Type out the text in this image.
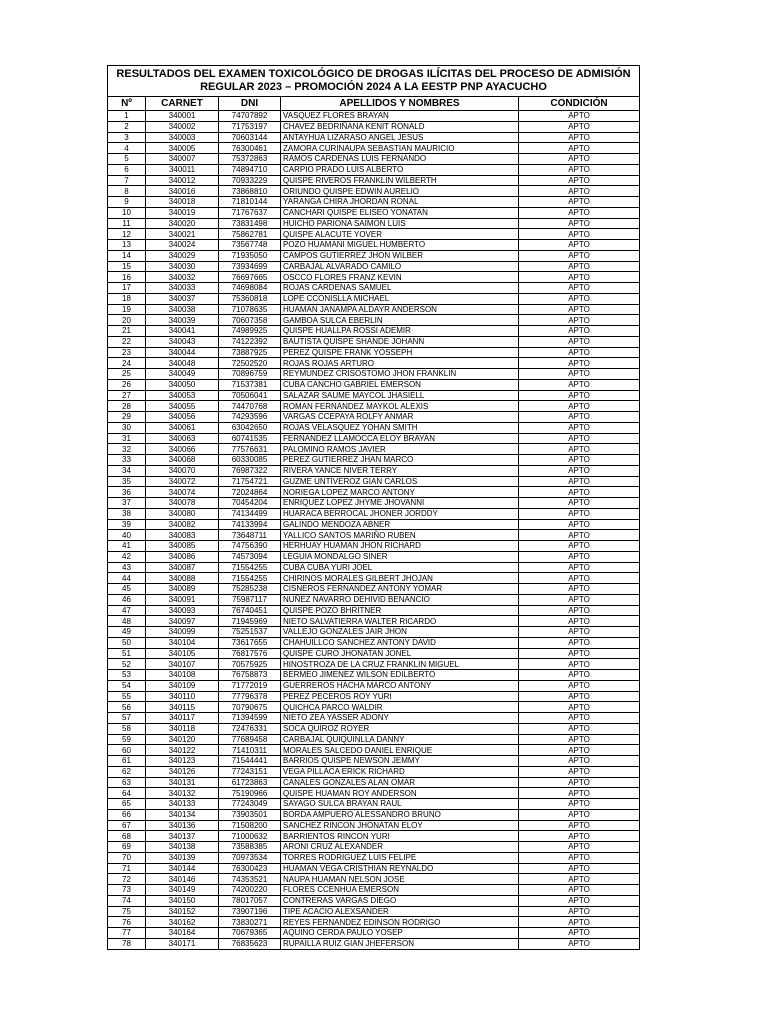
RESULTADOS DEL EXAMEN TOXICOLÓGICO DE DROGAS ILÍCITAS DEL PROCESO DE ADMISIÓN
REGULAR 2023 – PROMOCIÓN 2024 A LA EESTP PNP AYACUCHO				

Nº	CARNET	DNI	APELLIDOS Y NOMBRES	CONDICIÓN
1	340001	74707892	VASQUEZ FLORES BRAYAN	APTO
2	340002	71753197	CHAVEZ BEDRIÑANA KENIT RONALD	APTO
3	340003	70603144	ANTAYHUA LIZARASO ANGEL JESUS	APTO
4	340005	76300461	ZAMORA CURINAUPA SEBASTIAN MAURICIO	APTO
5	340007	75372863	RAMOS CARDENAS LUIS FERNANDO	APTO
6	340011	74894710	CARPIO PRADO LUIS ALBERTO	APTO
7	340012	70933229	QUISPE RIVEROS FRANKLIN WILBERTH	APTO
8	340016	73868810	ORIUNDO QUISPE EDWIN AURELIO	APTO
9	340018	71810144	YARANGA CHIRA JHORDAN RONAL	APTO
10	340019	71767637	CANCHARI QUISPE ELISEO YONATAN	APTO
11	340020	73831498	HUICHO PARIONA SAIMON LUIS	APTO
12	340021	75862781	QUISPE ALACUTE YOVER	APTO
13	340024	73567748	POZO HUAMANI MIGUEL HUMBERTO	APTO
14	340029	71935050	CAMPOS GUTIERREZ JHON WILBER	APTO
15	340030	73934699	CARBAJAL ALVARADO CAMILO	APTO
16	340032	76697665	OSCCO FLORES FRANZ KEVIN	APTO
17	340033	74698084	ROJAS CARDENAS SAMUEL	APTO
18	340037	75360818	LOPE CCONISLLA MICHAEL	APTO
19	340038	71078635	HUAMAN JANAMPA ALDAYR ANDERSON	APTO
20	340039	70607358	GAMBOA SULCA EBERLIN	APTO
21	340041	74989925	QUISPE HUALLPA ROSSI ADEMIR	APTO
22	340043	74122392	BAUTISTA QUISPE SHANDE JOHANN	APTO
23	340044	73887925	PEREZ QUISPE FRANK YOSSEPH	APTO
24	340048	72502520	ROJAS ROJAS ARTURO	APTO
25	340049	70896759	REYMUNDEZ CRISOSTOMO JHON FRANKLIN	APTO
26	340050	71537381	CUBA CANCHO GABRIEL EMERSON	APTO
27	340053	70506041	SALAZAR SAUME MAYCOL JHASIELL	APTO
28	340055	74470768	ROMAN FERNANDEZ MAYKOL ALEXIS	APTO
29	340056	74293596	VARGAS CCEPAYA ROLFY ANMAR	APTO
30	340061	63042650	ROJAS VELASQUEZ YOHAN SMITH	APTO
31	340063	60741535	FERNANDEZ LLAMOCCA ELOY BRAYAN	APTO
32	340066	77576631	PALOMINO RAMOS JAVIER	APTO
33	340068	60330085	PEREZ GUTIERREZ JHAN MARCO	APTO
34	340070	76987322	RIVERA YANCE NIVER TERRY	APTO
35	340072	71754721	GUZME UNTIVEROZ GIAN CARLOS	APTO
36	340074	72024864	NORIEGA LOPEZ MARCO ANTONY	APTO
37	340078	70454204	ENRIQUEZ LOPEZ JHYME JHOVANNI	APTO
38	340080	74134499	HUARACA BERROCAL JHONER JORDDY	APTO
39	340082	74133994	GALINDO MENDOZA ABNER	APTO
40	340083	73648711	YALLICO SANTOS MARIÑO RUBEN	APTO
41	340085	74756390	HERHUAY HUAMAN JHON RICHARD	APTO
42	340086	74573094	LEGUIA MONDALGO SINER	APTO
43	340087	71554255	CUBA CUBA YURI JOEL	APTO
44	340088	71554255	CHIRINOS MORALES GILBERT JHOJAN	APTO
45	340089	75285238	CISNEROS FERNANDEZ ANTONY YOMAR	APTO
46	340091	75987117	NUÑEZ NAVARRO DEHIVID BENANCIO	APTO
47	340093	76740451	QUISPE POZO BHRITNER	APTO
48	340097	71945969	NIETO SALVATIERRA WALTER RICARDO	APTO
49	340099	75251537	VALLEJO GONZALES JAIR JHON	APTO
50	340104	73617655	CHAHUILLCO SANCHEZ ANTONY DAVID	APTO
51	340105	76817576	QUISPE CURO JHONATAN JONEL	APTO
52	340107	70575925	HINOSTROZA DE LA CRUZ FRANKLIN MIGUEL	APTO
53	340108	76758873	BERMEO JIMENEZ WILSON EDILBERTO	APTO
54	340109	71772019	GUERREROS HACHA MARCO ANTONY	APTO
55	340110	77796378	PEREZ PECEROS ROY YURI	APTO
56	340115	70790675	QUICHCA PARCO WALDIR	APTO
57	340117	71394599	NIETO ZEA YASSER ADONY	APTO
58	340118	72476331	SOCA QUIROZ ROYER	APTO
59	340120	77689458	CARBAJAL QUIQUINLLA DANNY	APTO
60	340122	71410311	MORALES SALCEDO DANIEL ENRIQUE	APTO
61	340123	71544441	BARRIOS QUISPE NEWSON JEMMY	APTO
62	340126	77243151	VEGA PILLACA ERICK RICHARD	APTO
63	340131	61723863	CANALES GONZALES ALAN OMAR	APTO
64	340132	75190966	QUISPE HUAMAN ROY ANDERSON	APTO
65	340133	77243049	SAYAGO SULCA BRAYAN RAUL	APTO
66	340134	73903501	BORDA AMPUERO ALESSANDRO BRUNO	APTO
67	340136	71508200	SANCHEZ RINCON JHONATAN ELOY	APTO
68	340137	71000632	BARRIENTOS RINCON YURI	APTO
69	340138	73588385	ARONI CRUZ ALEXANDER	APTO
70	340139	70973534	TORRES RODRIGUEZ LUIS FELIPE	APTO
71	340144	76300423	HUAMAN VEGA CRISTHIAN REYNALDO	APTO
72	340146	74353521	NAUPA HUAMAN NELSON JOSE	APTO
73	340149	74200220	FLORES CCENHUA EMERSON	APTO
74	340150	78017057	CONTRERAS VARGAS DIEGO	APTO
75	340152	73907196	TIPE ACACIO ALEXSANDER	APTO
76	340162	73830271	REYES FERNANDEZ EDINSON RODRIGO	APTO
77	340164	70679365	AQUINO CERDA PAULO YOSEP	APTO
78	340171	76835623	RUPAILLA RUIZ GIAN JHEFERSON	APTO
